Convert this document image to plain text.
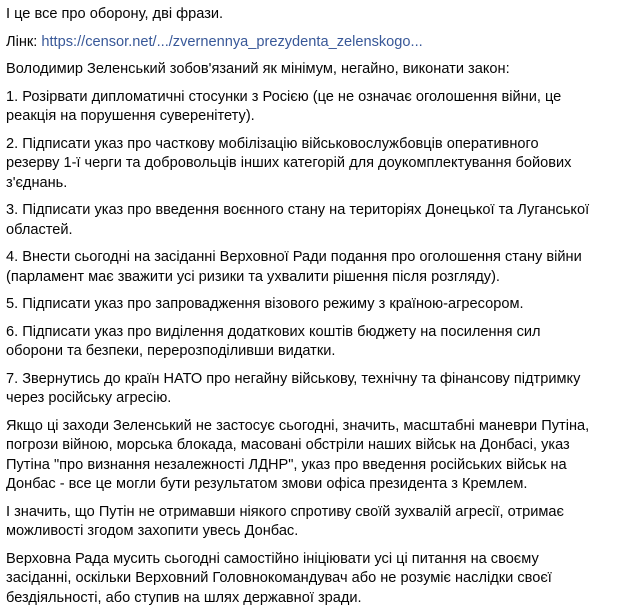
І це все про оборону, дві фрази.

Лінк: https://censor.net/.../zvernennya_prezydenta_zelenskogo...

Володимир Зеленський зобов'язаний як мінімум, негайно, виконати закон:

1. Розірвати дипломатичні стосунки з Росією (це не означає оголошення війни, це реакція на порушення суверенітету).

2. Підписати указ про часткову мобілізацію військовослужбовців оперативного резерву 1-ї черги та добровольців інших категорій для доукомплектування бойових з'єднань.

3. Підписати указ про введення воєнного стану на територіях Донецької та Луганської областей.

4. Внести сьогодні на засіданні Верховної Ради подання про оголошення стану війни (парламент має зважити усі ризики та ухвалити рішення після розгляду).

5. Підписати указ про запровадження візового режиму з країною-агресором.

6. Підписати указ про виділення додаткових коштів бюджету на посилення сил оборони та безпеки, перерозподіливши видатки.

7. Звернутись до країн НАТО про негайну військову, технічну та фінансову підтримку через російську агресію.

Якщо ці заходи Зеленський не застосує сьогодні, значить, масштабні маневри Путіна, погрози війною, морська блокада, масовані обстріли наших військ на Донбасі, указ Путіна "про визнання незалежності ЛДНР", указ про введення російських військ на Донбас - все це могли бути результатом змови офіса президента з Кремлем.

І значить, що Путін не отримавши ніякого спротиву своїй зухвалій агресії, отримає можливості згодом захопити увесь Донбас.

Верховна Рада мусить сьогодні самостійно ініціювати усі ці питання на своєму засіданні, оскільки Верховний Головнокомандувач або не розуміє наслідки своєї бездіяльності, або ступив на шлях державної зради.
